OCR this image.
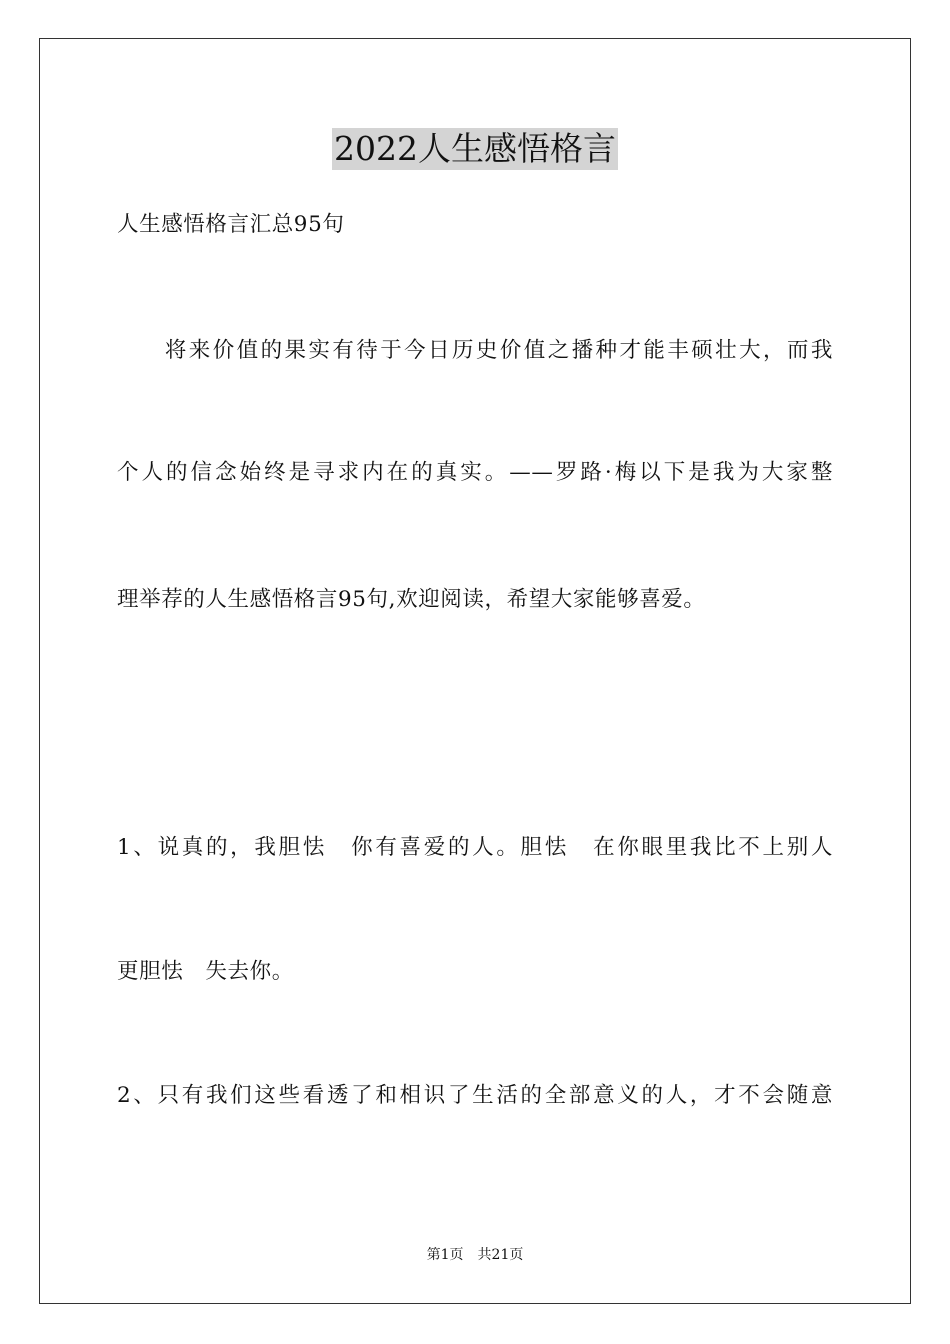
2022人生感悟格言
人生感悟格言汇总95句
　　将来价值的果实有待于今日历史价值之播种才能丰硕壮大，而我
个人的信念始终是寻求内在的真实。——罗路·梅以下是我为大家整
理举荐的人生感悟格言95句,欢迎阅读，希望大家能够喜爱。
1、说真的，我胆怯　你有喜爱的人。胆怯　在你眼里我比不上别人
更胆怯　失去你。
2、只有我们这些看透了和相识了生活的全部意义的人，才不会随意
第1页 共21页
